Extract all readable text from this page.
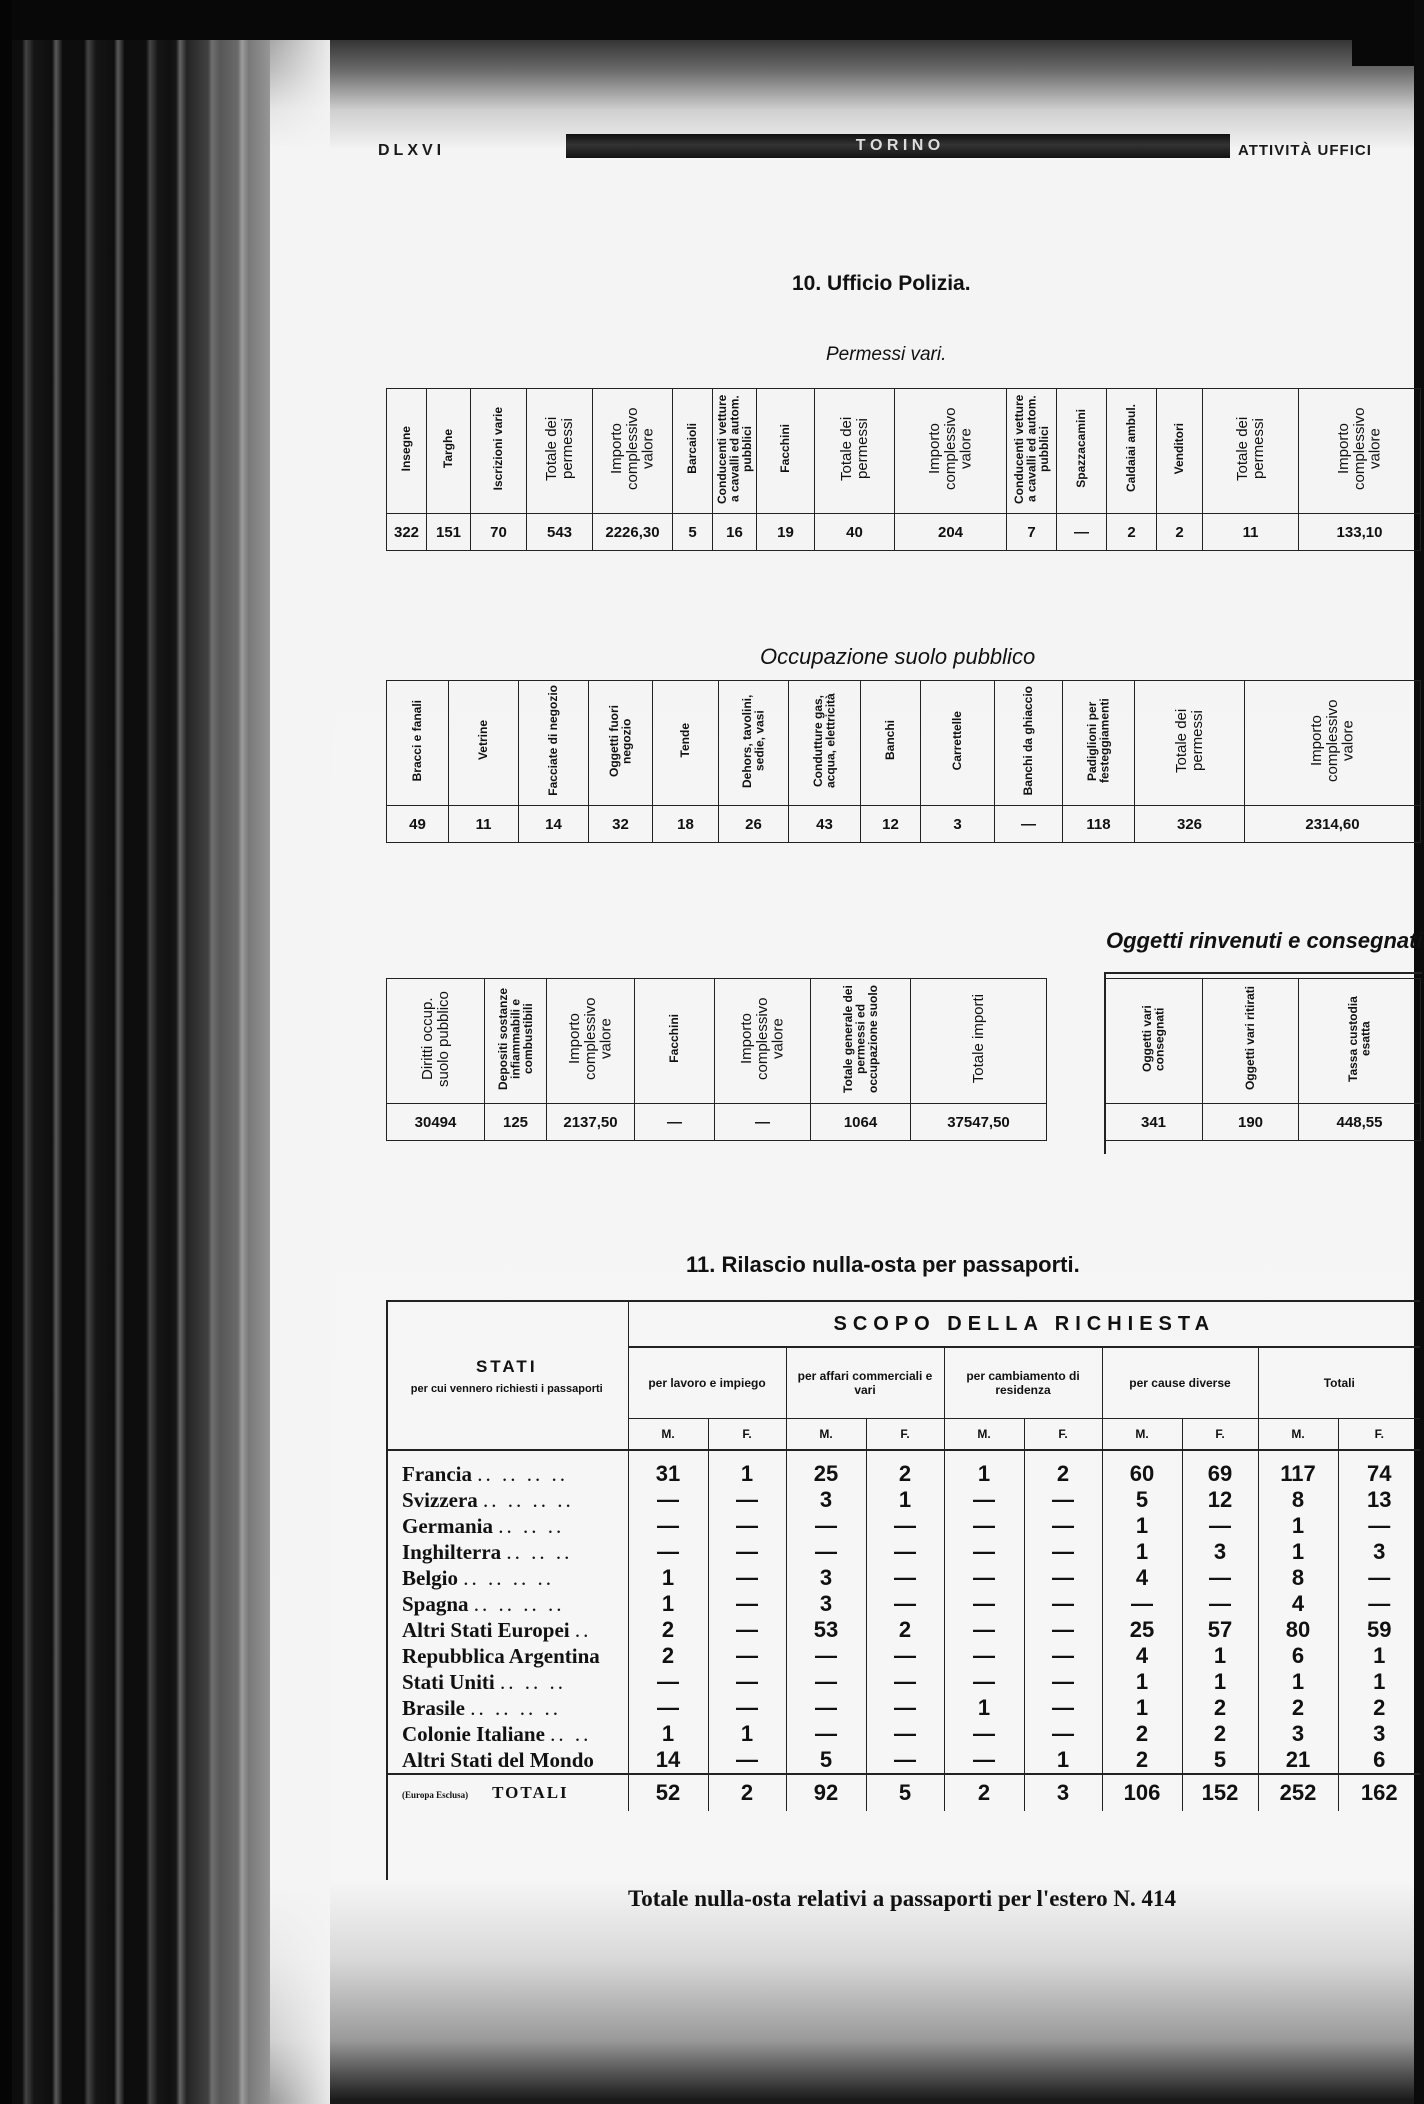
DLXVI	T O R I N O	ATTIVITÀ UFFICI
10. Ufficio Polizia.
Permessi vari.
Insegne	Targhe	Iscrizioni varie	Totale dei permessi	Importo complessivo valore	Barcaioli	Conducenti vetture a cavalli ed autom. pubblici	Facchini	Totale dei permessi	Importo complessivo valore	Conducenti vetture a cavalli ed autom. pubblici	Spazzacamini	Caldaiai ambul.	Venditori	Totale dei permessi	Importo complessivo valore
322	151	70	543	2226,30	5	16	19	40	204	7	—	2	2	11	133,10
Occupazione suolo pubblico
Bracci e fanali	Vetrine	Facciate di negozio	Oggetti fuori negozio	Tende	Dehors, tavolini, sedie, vasi	Condutture gas, acqua, elettricità	Banchi	Carrettelle	Banchi da ghiaccio	Padiglioni per festeggiamenti	Totale dei permessi	Importo complessivo valore
49	11	14	32	18	26	43	12	3	—	118	326	2314,60
Oggetti rinvenuti e consegnati
Diritti occup. suolo pubblico	Depositi sostanze infiammabili e combustibili	Importo complessivo valore	Facchini	Importo complessivo valore	Totale generale dei permessi ed occupazione suolo	Totale importi
30494	125	2137,50	—	—	1064	37547,50
Oggetti vari consegnati	Oggetti vari ritirati	Tassa custodia esatta
341	190	448,55
11. Rilascio nulla-osta per passaporti.
STATI
per cui vennero richiesti i passaporti	SCOPO DELLA RICHIESTA									
	per lavoro e impiego		per affari commerciali e vari		per cambiamento di residenza		per cause diverse		Totali	
	M.	F.	M.	F.	M.	F.	M.	F.	M.	F.
Francia .. .. .. ..	31	1	25	2	1	2	60	69	117	74
Svizzera .. .. .. ..	—	—	3	1	—	—	5	12	8	13
Germania .. .. ..	—	—	—	—	—	—	1	—	1	—
Inghilterra .. .. ..	—	—	—	—	—	—	1	3	1	3
Belgio .. .. .. ..	1	—	3	—	—	—	4	—	8	—
Spagna .. .. .. ..	1	—	3	—	—	—	—	—	4	—
Altri Stati Europei ..	2	—	53	2	—	—	25	57	80	59
Repubblica Argentina	2	—	—	—	—	—	4	1	6	1
Stati Uniti .. .. ..	—	—	—	—	—	—	1	1	1	1
Brasile .. .. .. ..	—	—	—	—	1	—	1	2	2	2
Colonie Italiane .. ..	1	1	—	—	—	—	2	2	3	3
Altri Stati del Mondo	14	—	5	—	—	1	2	5	21	6
(Europa Esclusa) TOTALI	52	2	92	5	2	3	106	152	252	162
Totale nulla-osta relativi a passaporti per l'estero N. 414
